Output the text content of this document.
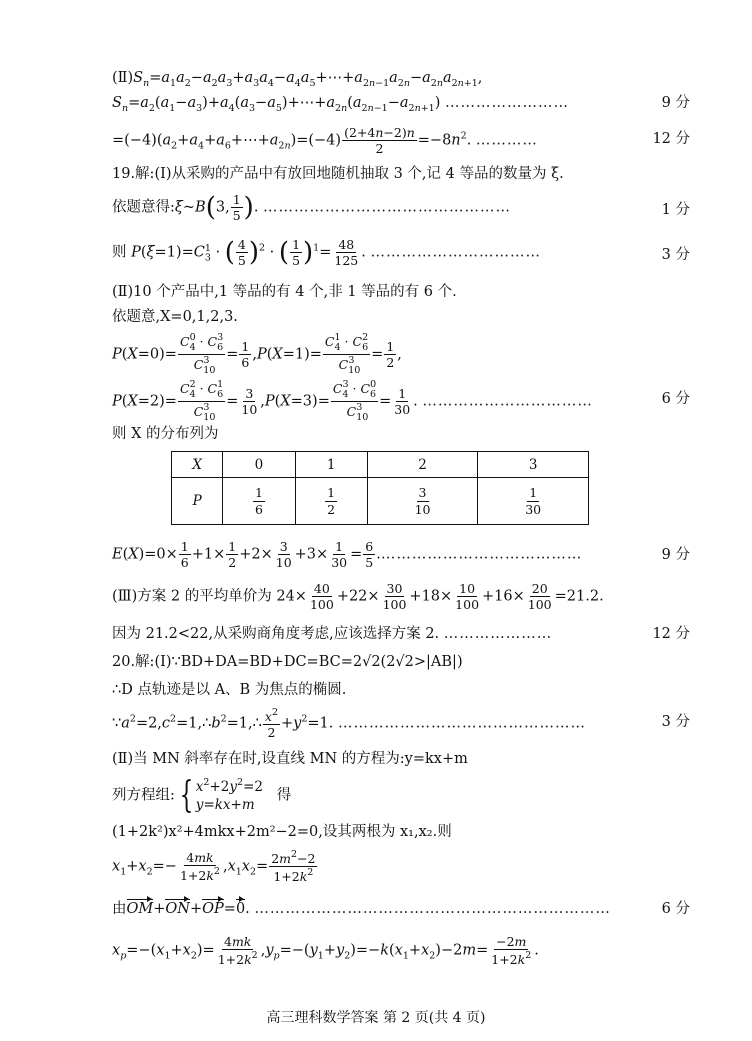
$(Ⅱ)S_n=a_1a_2-a_2a_3+a_3a_4-a_4a_5+\cdots+a_{2n-1}a_{2n}-a_{2n}a_{2n+1}$,
$S_n=a_2(a_1-a_3)+a_4(a_3-a_5)+\cdots+a_{2n}(a_{2n-1}-a_{2n+1})$ ……………………	9 分
$=(-4)(a_2+a_4+a_6+\cdots+a_{2n})=(-4) \frac{(2+4n-2)n}{2} =-8n^2$. …………	12 分
19.解:(Ⅰ)从采购的产品中有放回地随机抽取 3 个,记 4 等品的数量为 ξ.
依题意得:ξ~B(3, $\frac{1}{5}$ ). …………………………………………	1 分
则 $P(\xi=1)=C_3^1$ · ( $\frac{4}{5} )^2$ · ( $\frac{1}{5} )^1= \frac{48}{125}$ . ……………………………	3 分
(Ⅱ)10 个产品中,1 等品的有 4 个,非 1 等品的有 6 个.
依题意,X=0,1,2,3.
$P(X=0)= \frac{C_4^0 \cdot C_6^3}{C_{10}^3} = \frac{1}{6} ,P(X=1)= \frac{C_4^1 \cdot C_6^2}{C_{10}^3} = \frac{1}{2}$ ,
$P(X=2)= \frac{C_4^2 \cdot C_6^1}{C_{10}^3} = \frac{3}{10} ,P(X=3)= \frac{C_4^3 \cdot C_6^0}{C_{10}^3} = \frac{1}{30}$ . ……………………………	6 分
则 X 的分布列为
X	0	1	2	3
P	$\frac{1}{6}$	$\frac{1}{2}$	$\frac{3}{10}$	$\frac{1}{30}$
$E(X)=0\times \frac{1}{6} +1\times \frac{1}{2} +2\times \frac{3}{10} +3\times \frac{1}{30} = \frac{6}{5}$ .…………………………………	9 分
(Ⅲ)方案 2 的平均单价为 $24\times \frac{40}{100} +22\times \frac{30}{100} +18\times \frac{10}{100} +16\times \frac{20}{100} =21.2$.
因为 21.2<22,从采购商角度考虑,应该选择方案 2. …………………	12 分
20.解:(Ⅰ)∵BD+DA=BD+DC=BC=2√2(2√2>|AB|)
∴D 点轨迹是以 A、B 为焦点的椭圆.
$\because a^2=2,c^2=1,\therefore b^2=1,\therefore \frac{x^2}{2} +y^2=1$. …………………………………………	3 分
(Ⅱ)当 MN 斜率存在时,设直线 MN 的方程为:y=kx+m
列方程组: { $x^2+2y^2=2$
y=kx+m
得
(1+2k²)x²+4mkx+2m²−2=0,设其两根为 x₁,x₂.则
$x_1+x_2=- \frac{4mk}{1+2k^2} ,x_1x_2= \frac{2m^2-2}{1+2k^2}$
由OM+ON+OP=0. ……………………………………………………………	6 分
$x_p=-(x_1+x_2)= \frac{4mk}{1+2k^2} ,y_p=-(y_1+y_2)=-k(x_1+x_2)-2m= \frac{-2m}{1+2k^2}$ .
高三理科数学答案 第 2 页(共 4 页)
